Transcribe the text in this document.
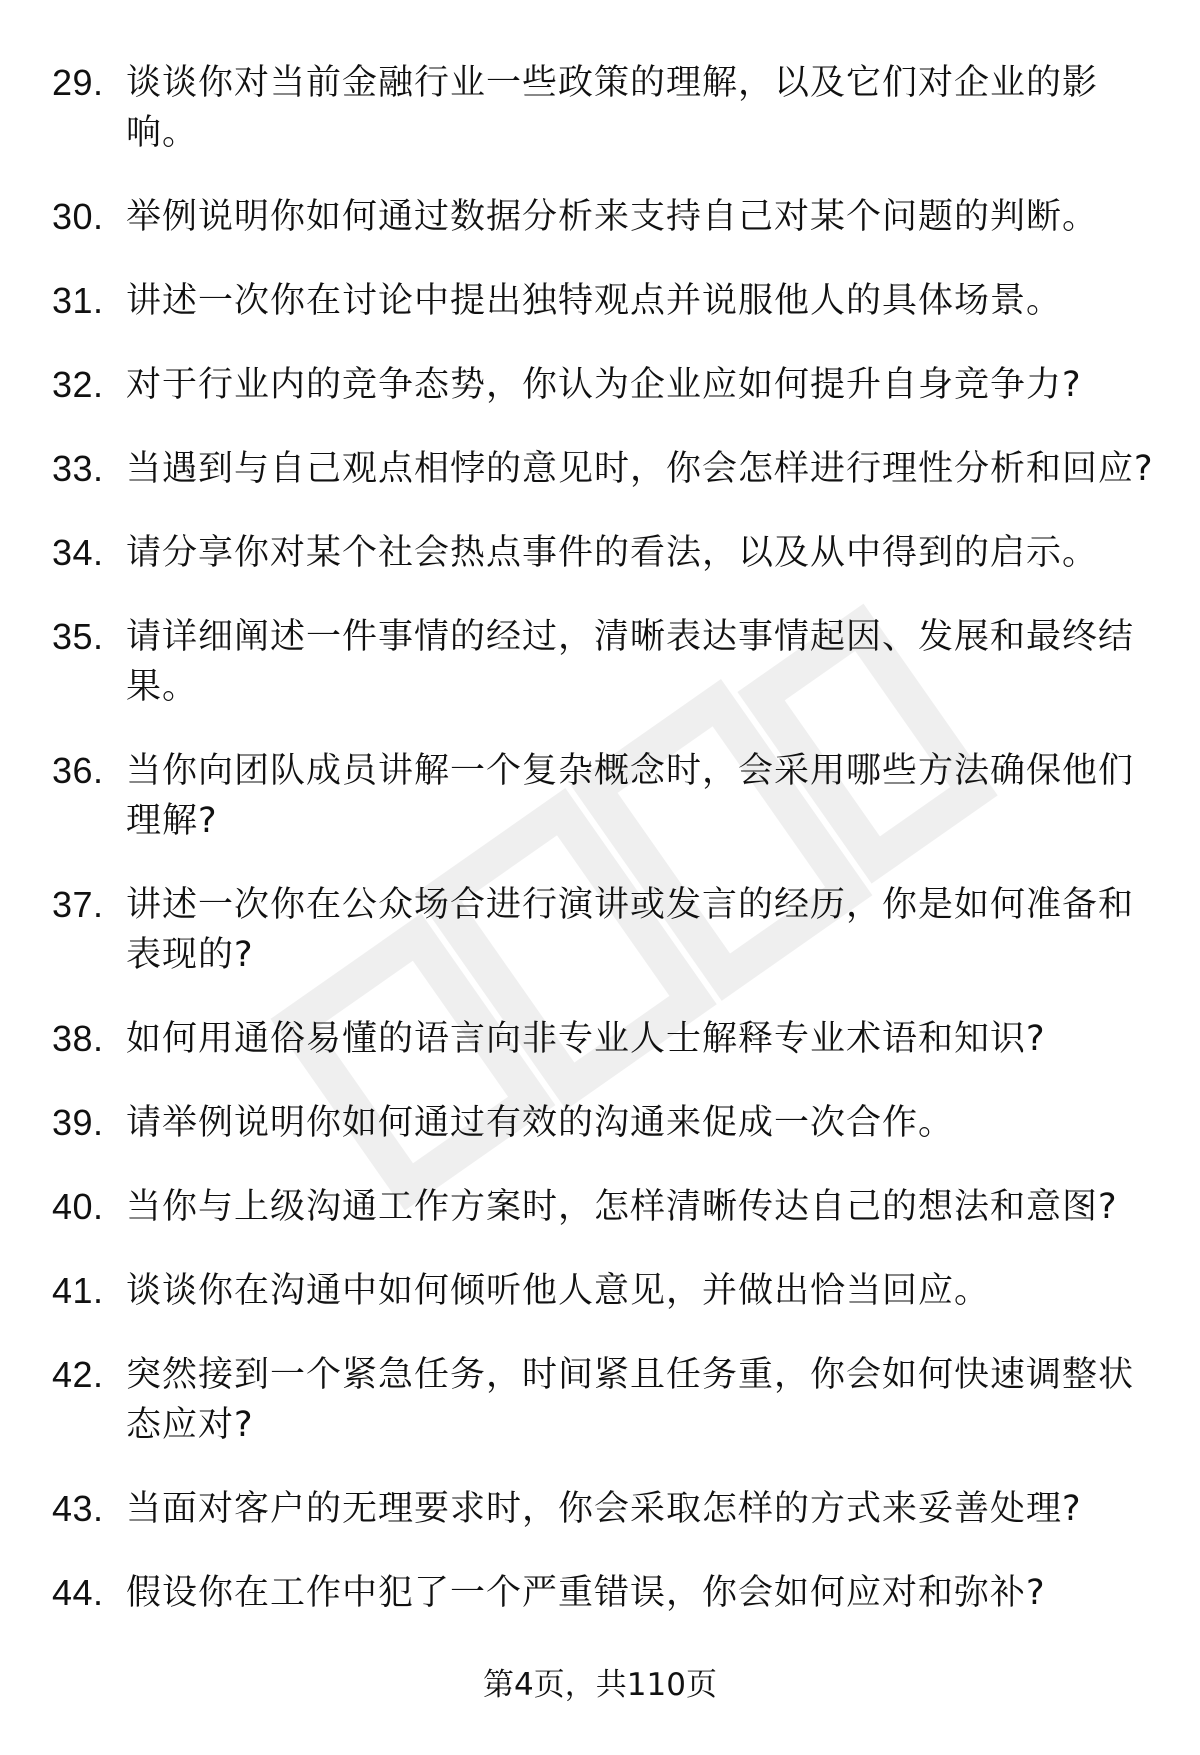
29. 谈谈你对当前金融行业一些政策的理解，以及它们对企业的影响。
30. 举例说明你如何通过数据分析来支持自己对某个问题的判断。
31. 讲述一次你在讨论中提出独特观点并说服他人的具体场景。
32. 对于行业内的竞争态势，你认为企业应如何提升自身竞争力?
33. 当遇到与自己观点相悖的意见时，你会怎样进行理性分析和回应?
34. 请分享你对某个社会热点事件的看法，以及从中得到的启示。
35. 请详细阐述一件事情的经过，清晰表达事情起因、发展和最终结果。
36. 当你向团队成员讲解一个复杂概念时，会采用哪些方法确保他们理解?
37. 讲述一次你在公众场合进行演讲或发言的经历，你是如何准备和表现的?
38. 如何用通俗易懂的语言向非专业人士解释专业术语和知识?
39. 请举例说明你如何通过有效的沟通来促成一次合作。
40. 当你与上级沟通工作方案时，怎样清晰传达自己的想法和意图?
41. 谈谈你在沟通中如何倾听他人意见，并做出恰当回应。
42. 突然接到一个紧急任务，时间紧且任务重，你会如何快速调整状态应对?
43. 当面对客户的无理要求时，你会采取怎样的方式来妥善处理?
44. 假设你在工作中犯了一个严重错误，你会如何应对和弥补?
第4页，共110页
